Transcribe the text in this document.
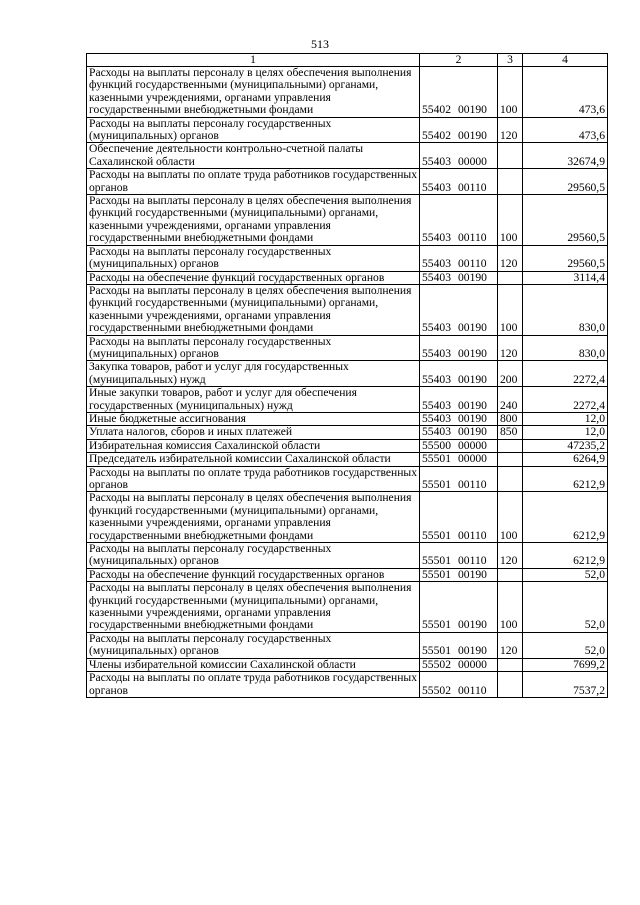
513
1	2	3	4
Расходы на выплаты персоналу в целях обеспечения выполнения функций государственными (муниципальными) органами, казенными учреждениями, органами управления государственными внебюджетными фондами	55402 00190	100	473,6
Расходы на выплаты персоналу государственных (муниципальных) органов	55402 00190	120	473,6
Обеспечение деятельности контрольно-счетной палаты Сахалинской области	55403 00000		32674,9
Расходы на выплаты по оплате труда работников государственных органов	55403 00110		29560,5
Расходы на выплаты персоналу в целях обеспечения выполнения функций государственными (муниципальными) органами, казенными учреждениями, органами управления государственными внебюджетными фондами	55403 00110	100	29560,5
Расходы на выплаты персоналу государственных (муниципальных) органов	55403 00110	120	29560,5
Расходы на обеспечение функций государственных органов	55403 00190		3114,4
Расходы на выплаты персоналу в целях обеспечения выполнения функций государственными (муниципальными) органами, казенными учреждениями, органами управления государственными внебюджетными фондами	55403 00190	100	830,0
Расходы на выплаты персоналу государственных (муниципальных) органов	55403 00190	120	830,0
Закупка товаров, работ и услуг для государственных (муниципальных) нужд	55403 00190	200	2272,4
Иные закупки товаров, работ и услуг для обеспечения государственных (муниципальных) нужд	55403 00190	240	2272,4
Иные бюджетные ассигнования	55403 00190	800	12,0
Уплата налогов, сборов и иных платежей	55403 00190	850	12,0
Избирательная комиссия Сахалинской области	55500 00000		47235,2
Председатель избирательной комиссии Сахалинской области	55501 00000		6264,9
Расходы на выплаты по оплате труда работников государственных органов	55501 00110		6212,9
Расходы на выплаты персоналу в целях обеспечения выполнения функций государственными (муниципальными) органами, казенными учреждениями, органами управления государственными внебюджетными фондами	55501 00110	100	6212,9
Расходы на выплаты персоналу государственных (муниципальных) органов	55501 00110	120	6212,9
Расходы на обеспечение функций государственных органов	55501 00190		52,0
Расходы на выплаты персоналу в целях обеспечения выполнения функций государственными (муниципальными) органами, казенными учреждениями, органами управления государственными внебюджетными фондами	55501 00190	100	52,0
Расходы на выплаты персоналу государственных (муниципальных) органов	55501 00190	120	52,0
Члены избирательной комиссии Сахалинской области	55502 00000		7699,2
Расходы на выплаты по оплате труда работников государственных органов	55502 00110		7537,2
